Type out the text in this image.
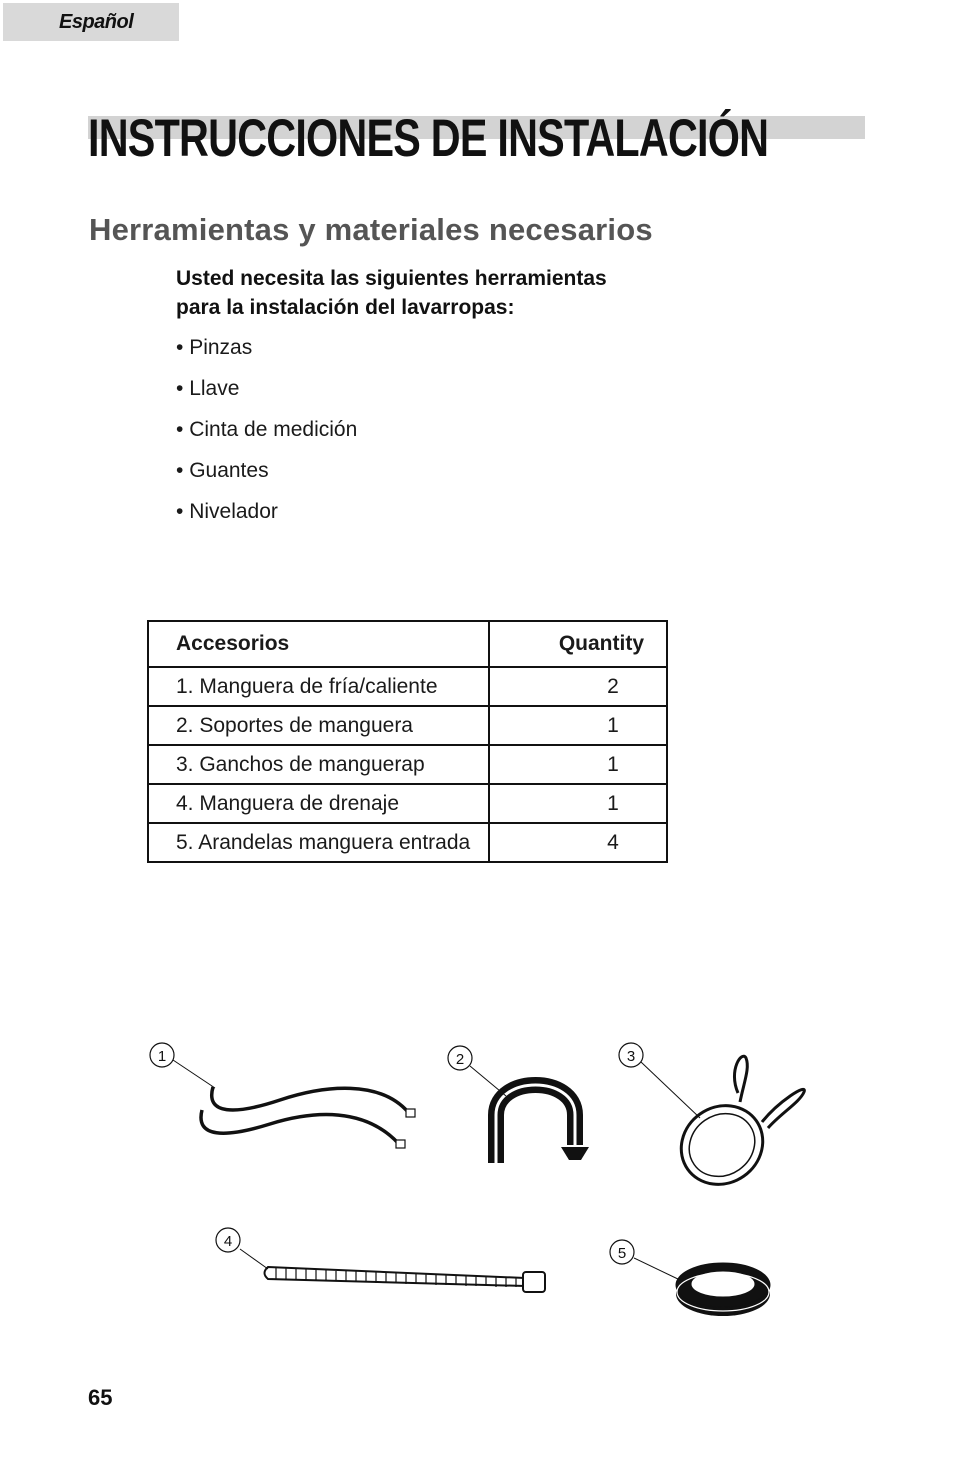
Español
INSTRUCCIONES DE INSTALACIÓN
Herramientas y materiales necesarios

Usted necesita las siguientes herramientas
para la instalación del lavarropas:

• Pinzas
• Llave
• Cinta de medición
• Guantes
• Nivelador
Accesorios	Quantity
1. Manguera de fría/caliente	2
2. Soportes de manguera	1
3. Ganchos de manguerap	1
4. Manguera de drenaje	1
5. Arandelas manguera entrada	4
1	2	3
4
5

65
